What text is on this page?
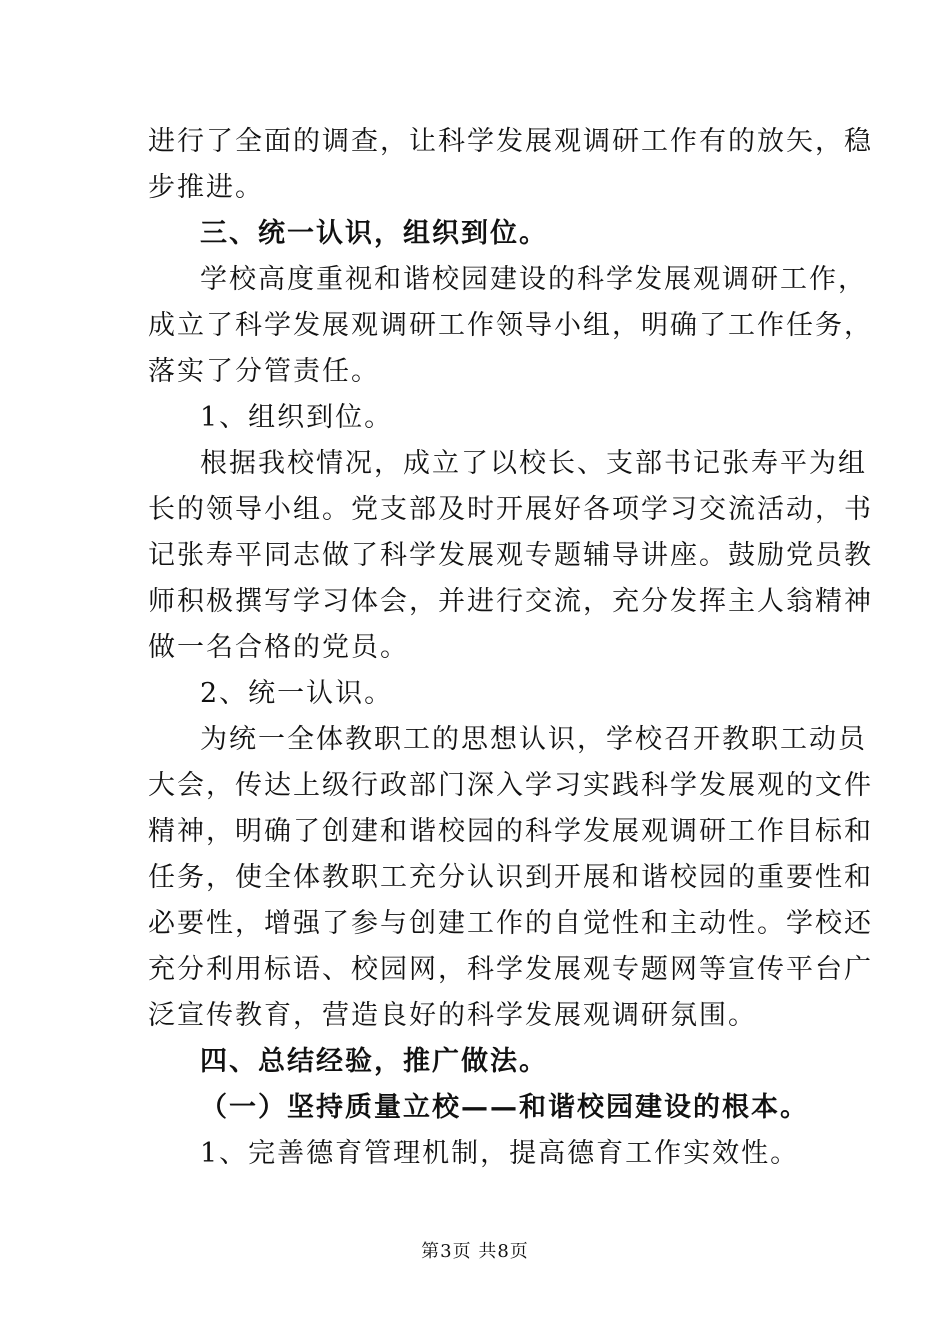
进行了全面的调查，让科学发展观调研工作有的放矢，稳
步推进。
三、统一认识，组织到位。
学校高度重视和谐校园建设的科学发展观调研工作，
成立了科学发展观调研工作领导小组，明确了工作任务，
落实了分管责任。
1、组织到位。
根据我校情况，成立了以校长、支部书记张寿平为组
长的领导小组。党支部及时开展好各项学习交流活动，书
记张寿平同志做了科学发展观专题辅导讲座。鼓励党员教
师积极撰写学习体会，并进行交流，充分发挥主人翁精神
做一名合格的党员。
2、统一认识。
为统一全体教职工的思想认识，学校召开教职工动员
大会，传达上级行政部门深入学习实践科学发展观的文件
精神，明确了创建和谐校园的科学发展观调研工作目标和
任务，使全体教职工充分认识到开展和谐校园的重要性和
必要性，增强了参与创建工作的自觉性和主动性。学校还
充分利用标语、校园网，科学发展观专题网等宣传平台广
泛宣传教育，营造良好的科学发展观调研氛围。
四、总结经验，推广做法。
（一）坚持质量立校——和谐校园建设的根本。
1、完善德育管理机制，提高德育工作实效性。
第3页 共8页
